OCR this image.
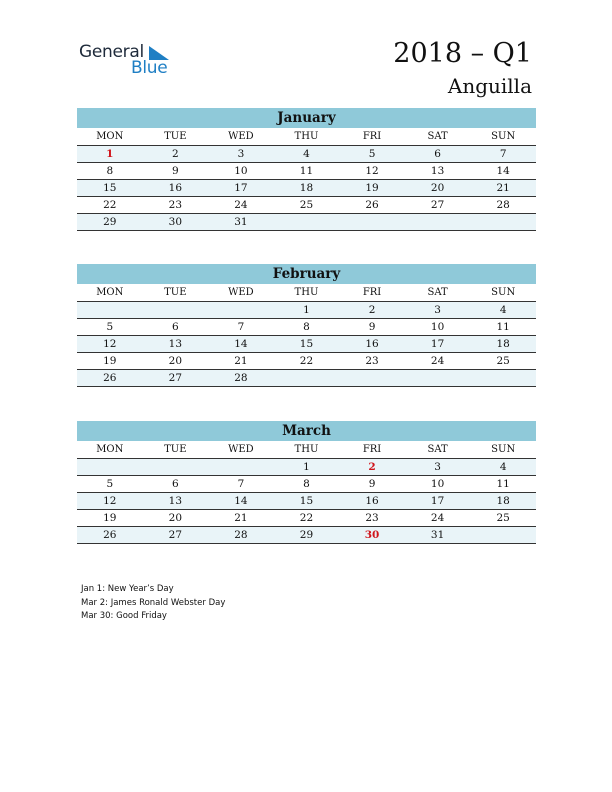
General
Blue	2018 – Q1
Anguilla
January
MON	TUE	WED	THU	FRI	SAT	SUN
1	2	3	4	5	6	7
8	9	10	11	12	13	14
15	16	17	18	19	20	21
22	23	24	25	26	27	28
29	30	31				
February
MON	TUE	WED	THU	FRI	SAT	SUN
			1	2	3	4
5	6	7	8	9	10	11
12	13	14	15	16	17	18
19	20	21	22	23	24	25
26	27	28				
March
MON	TUE	WED	THU	FRI	SAT	SUN
			1	2	3	4
5	6	7	8	9	10	11
12	13	14	15	16	17	18
19	20	21	22	23	24	25
26	27	28	29	30	31	
Jan 1: New Year’s Day
Mar 2: James Ronald Webster Day
Mar 30: Good Friday
